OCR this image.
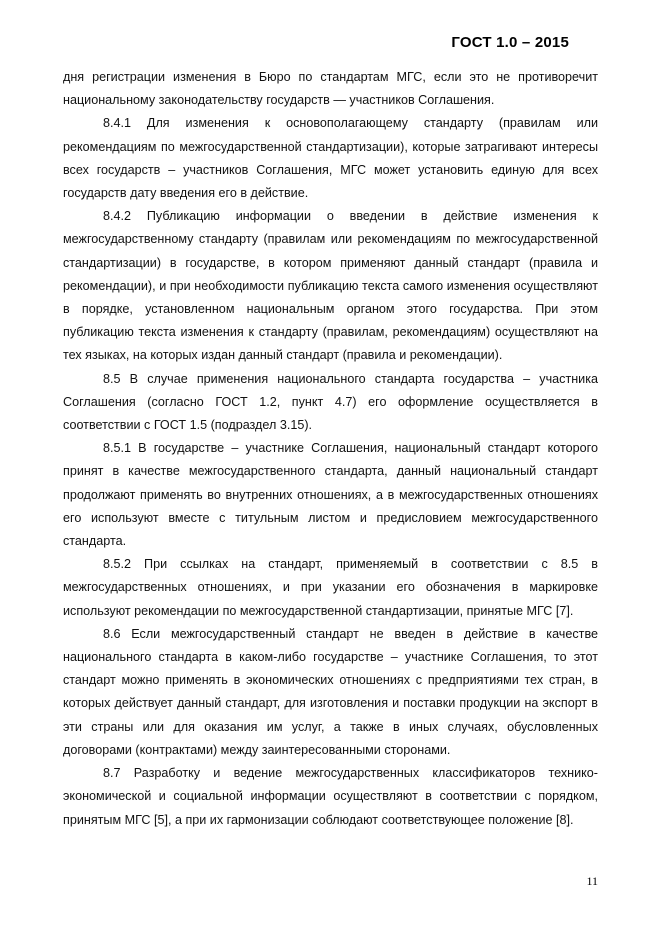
ГОСТ 1.0 – 2015

дня регистрации изменения в Бюро по стандартам МГС, если это не противоречит национальному законодательству государств — участников Соглашения.

8.4.1 Для изменения к основополагающему стандарту (правилам или рекомендациям по межгосударственной стандартизации), которые затрагивают интересы всех государств – участников Соглашения, МГС может установить единую для всех государств дату введения его в действие.

8.4.2 Публикацию информации о введении в действие изменения к межгосударственному стандарту (правилам или рекомендациям по межгосударственной стандартизации) в государстве, в котором применяют данный стандарт (правила и рекомендации), и при необходимости публикацию текста самого изменения осуществляют в порядке, установленном национальным органом этого государства. При этом публикацию текста изменения к стандарту (правилам, рекомендациям) осуществляют на тех языках, на которых издан данный стандарт (правила и рекомендации).

8.5 В случае применения национального стандарта государства – участника Соглашения (согласно ГОСТ 1.2, пункт 4.7) его оформление осуществляется в соответствии с ГОСТ 1.5 (подраздел 3.15).

8.5.1 В государстве – участнике Соглашения, национальный стандарт которого принят в качестве межгосударственного стандарта, данный национальный стандарт продолжают применять во внутренних отношениях, а в межгосударственных отношениях его используют вместе с титульным листом и предисловием межгосударственного стандарта.

8.5.2 При ссылках на стандарт, применяемый в соответствии с 8.5 в межгосударственных отношениях, и при указании его обозначения в маркировке используют рекомендации по межгосударственной стандартизации, принятые МГС [7].

8.6 Если межгосударственный стандарт не введен в действие в качестве национального стандарта в каком-либо государстве – участнике Соглашения, то этот стандарт можно применять в экономических отношениях с предприятиями тех стран, в которых действует данный стандарт, для изготовления и поставки продукции на экспорт в эти страны или для оказания им услуг, а также в иных случаях, обусловленных договорами (контрактами) между заинтересованными сторонами.

8.7 Разработку и ведение межгосударственных классификаторов технико-экономической и социальной информации осуществляют в соответствии с порядком, принятым МГС [5], а при их гармонизации соблюдают соответствующее положение [8].

11
